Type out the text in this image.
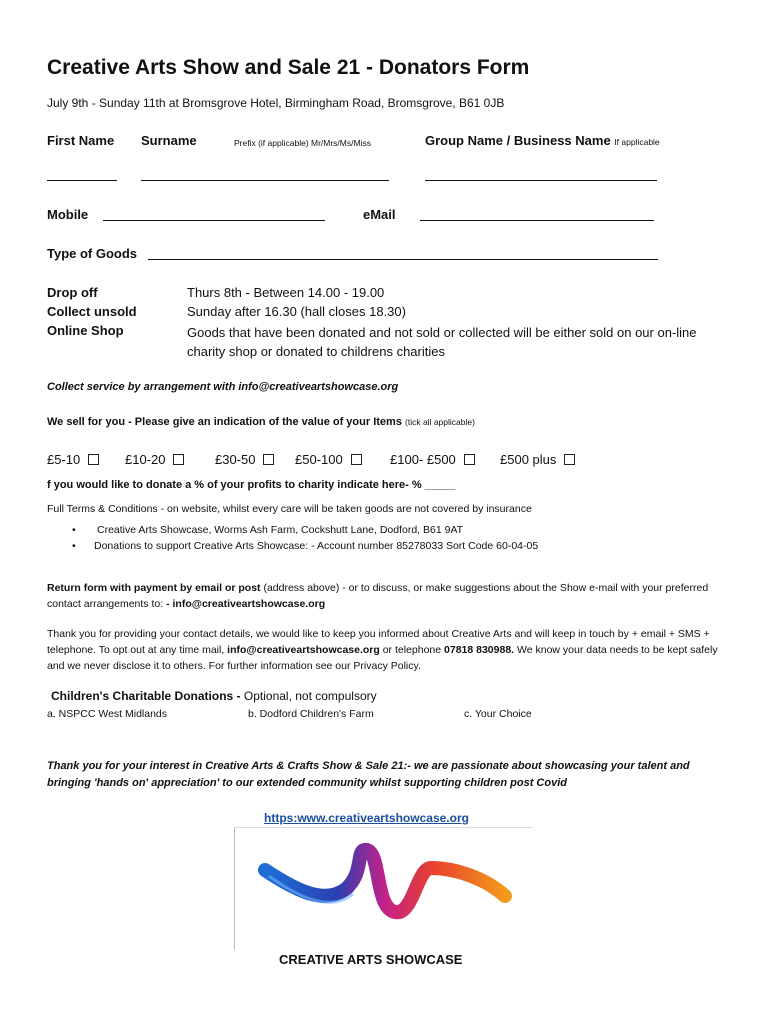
Creative Arts Show and Sale 21 - Donators Form
July 9th - Sunday 11th at Bromsgrove Hotel, Birmingham Road, Bromsgrove, B61 0JB
First Name Surname	Prefix (if applicable) Mr/Mrs/Ms/Miss	Group Name / Business Name If applicable
Mobile	eMail
Type of Goods
Drop off	Thurs 8th - Between 14.00 - 19.00
Collect unsold	Sunday after 16.30 (hall closes 18.30)
Online Shop	Goods that have been donated and not sold or collected will be either sold on our on-line charity shop or donated to childrens charities
Collect service by arrangement with info@creativeartshowcase.org
We sell for you - Please give an indication of the value of your Items (tick all applicable)
£5-10	£10-20	£30-50	£50-100	£100- £500	£500 plus
f you would like to donate a % of your profits to charity indicate here- % _____
Full Terms & Conditions - on website, whilst every care will be taken goods are not covered by insurance
• Creative Arts Showcase, Worms Ash Farm, Cockshutt Lane, Dodford, B61 9AT
• Donations to support Creative Arts Showcase: - Account number 85278033 Sort Code 60-04-05
Return form with payment by email or post (address above) - or to discuss, or make suggestions about the Show e-mail with your preferred contact arrangements to: - info@creativeartshowcase.org
Thank you for providing your contact details, we would like to keep you informed about Creative Arts and will keep in touch by + email + SMS + telephone. To opt out at any time mail, info@creativeartshowcase.org or telephone 07818 830988. We know your data needs to be kept safely and we never disclose it to others. For further information see our Privacy Policy.
Children's Charitable Donations - Optional, not compulsory
a. NSPCC West Midlands	b. Dodford Children's Farm	c. Your Choice
Thank you for your interest in Creative Arts & Crafts Show & Sale 21:- we are passionate about showcasing your talent and bringing 'hands on' appreciation' to our extended community whilst supporting children post Covid
https:www.creativeartshowcase.org
CREATIVE ARTS SHOWCASE
